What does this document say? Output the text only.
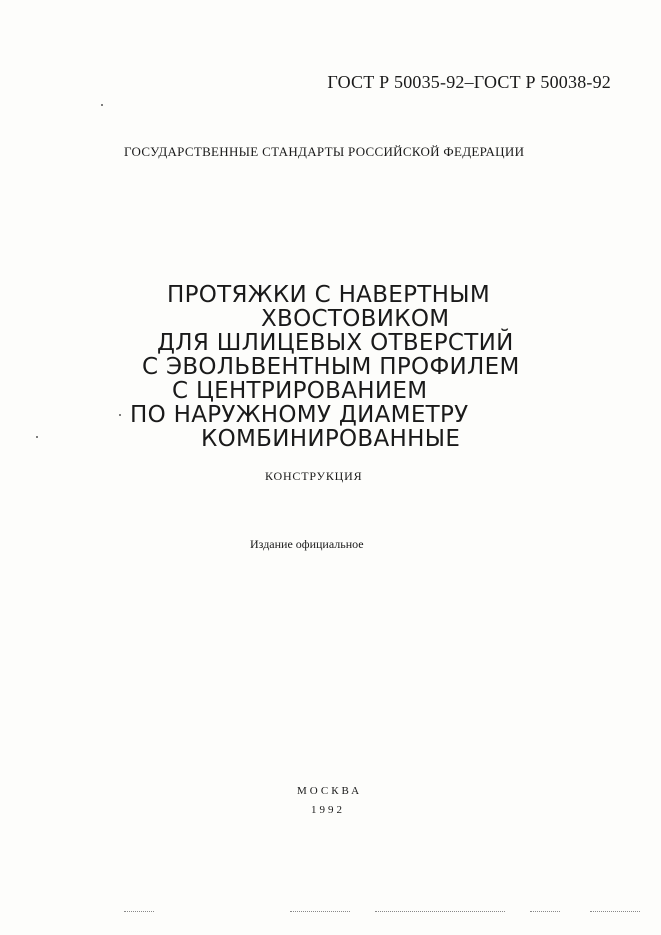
ГОСТ Р 50035-92–ГОСТ Р 50038-92
ГОСУДАРСТВЕННЫЕ СТАНДАРТЫ РОССИЙСКОЙ ФЕДЕРАЦИИ
ПРОТЯЖКИ С НАВЕРТНЫМ
ХВОСТОВИКОМ
ДЛЯ ШЛИЦЕВЫХ ОТВЕРСТИЙ
С ЭВОЛЬВЕНТНЫМ ПРОФИЛЕМ
С ЦЕНТРИРОВАНИЕМ
ПО НАРУЖНОМУ ДИАМЕТРУ
КОМБИНИРОВАННЫЕ
КОНСТРУКЦИЯ
Издание официальное
МОСКВА
1992
